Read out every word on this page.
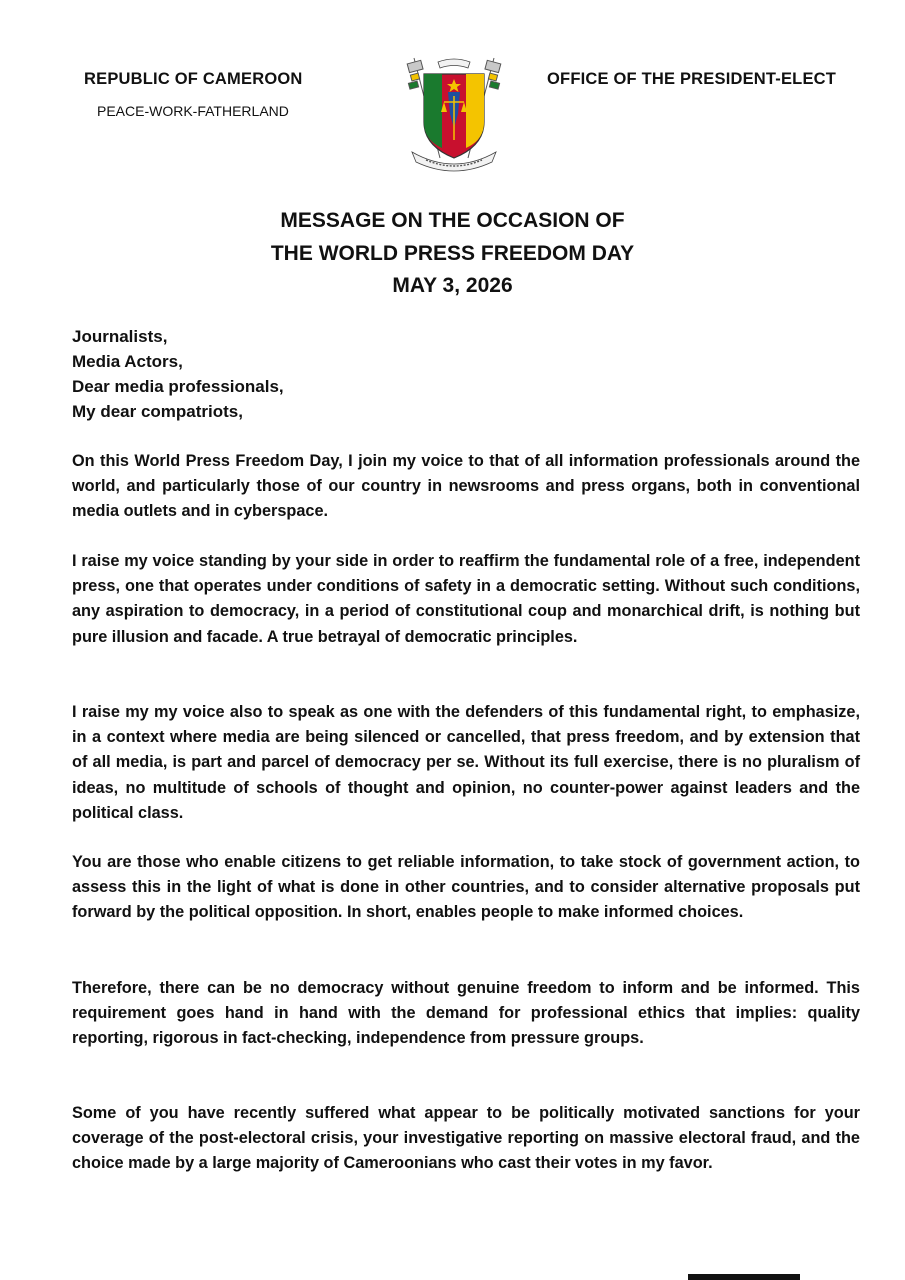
REPUBLIC OF CAMEROON
PEACE-WORK-FATHERLAND
OFFICE OF THE PRESIDENT-ELECT
MESSAGE ON THE OCCASION OF
THE WORLD PRESS FREEDOM DAY
MAY 3, 2026
Journalists,
Media Actors,
Dear media professionals,
My dear compatriots,
On this World Press Freedom Day, I join my voice to that of all information professionals around the world, and particularly those of our country in newsrooms and press organs, both in conventional media outlets and in cyberspace.
I raise my voice standing by your side in order to reaffirm the fundamental role of a free, independent press, one that operates under conditions of safety in a democratic setting. Without such conditions, any aspiration to democracy, in a period of constitutional coup and monarchical drift, is nothing but pure illusion and facade. A true betrayal of democratic principles.
I raise my my voice also to speak as one with the defenders of this fundamental right, to emphasize, in a context where media are being silenced or cancelled, that press freedom, and by extension that of all media, is part and parcel of democracy per se. Without its full exercise, there is no pluralism of ideas, no multitude of schools of thought and opinion, no counter-power against leaders and the political class.
You are those who enable citizens to get reliable information, to take stock of government action, to assess this in the light of what is done in other countries, and to consider alternative proposals put forward by the political opposition. In short, enables people to make informed choices.
Therefore, there can be no democracy without genuine freedom to inform and be informed. This requirement goes hand in hand with the demand for professional ethics that implies: quality reporting, rigorous in fact-checking, independence from pressure groups.
Some of you have recently suffered what appear to be politically motivated sanctions for your coverage of the post-electoral crisis, your investigative reporting on massive electoral fraud, and the choice made by a large majority of Cameroonians who cast their votes in my favor.
